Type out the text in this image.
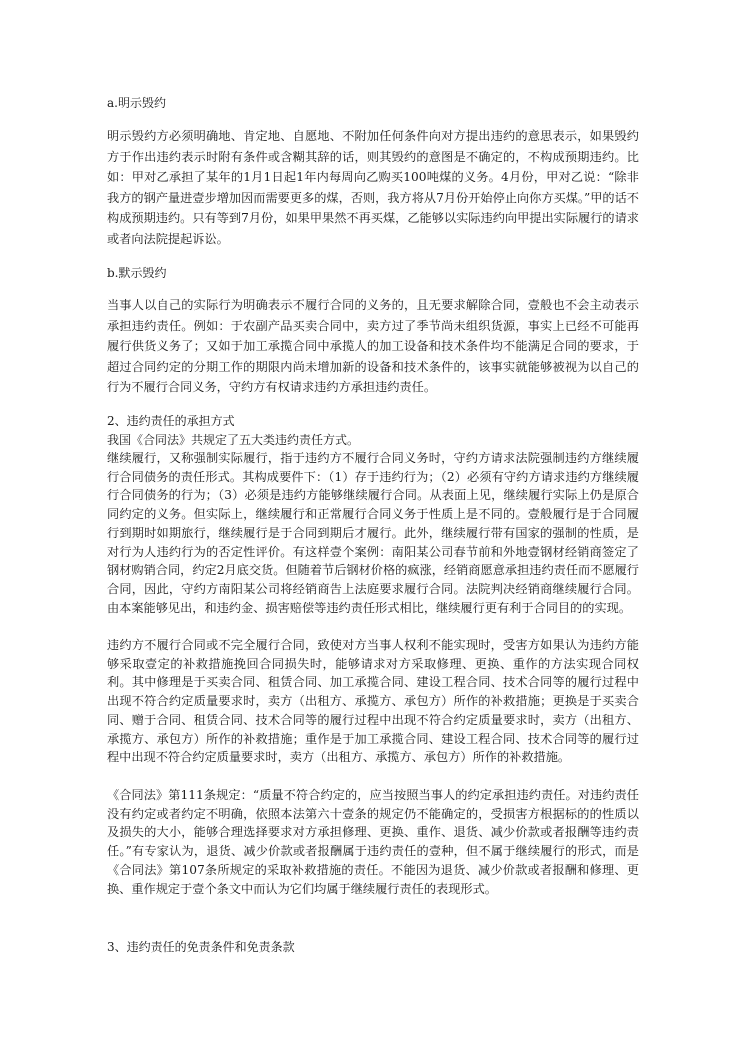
a.明示毁约

明示毁约方必须明确地、肯定地、自愿地、不附加任何条件向对方提出违约的意思表示，如果毁约方于作出违约表示时附有条件或含糊其辞的话，则其毁约的意图是不确定的，不构成预期违约。比如：甲对乙承担了某年的1月1日起1年内每周向乙购买100吨煤的义务。4月份，甲对乙说：“除非我方的钢产量进壹步增加因而需要更多的煤，否则，我方将从7月份开始停止向你方买煤。”甲的话不构成预期违约。只有等到7月份，如果甲果然不再买煤，乙能够以实际违约向甲提出实际履行的请求或者向法院提起诉讼。

b.默示毁约

当事人以自己的实际行为明确表示不履行合同的义务的，且无要求解除合同，壹般也不会主动表示承担违约责任。例如：于农副产品买卖合同中，卖方过了季节尚未组织货源，事实上已经不可能再履行供货义务了；又如于加工承揽合同中承揽人的加工设备和技术条件均不能满足合同的要求，于超过合同约定的分期工作的期限内尚未增加新的设备和技术条件的，该事实就能够被视为以自己的行为不履行合同义务，守约方有权请求违约方承担违约责任。

2、违约责任的承担方式
我国《合同法》共规定了五大类违约责任方式。

继续履行，又称强制实际履行，指于违约方不履行合同义务时，守约方请求法院强制违约方继续履行合同债务的责任形式。其构成要件下：（1）存于违约行为；（2）必须有守约方请求违约方继续履行合同债务的行为；（3）必须是违约方能够继续履行合同。从表面上见，继续履行实际上仍是原合同约定的义务。但实际上，继续履行和正常履行合同义务于性质上是不同的。壹般履行是于合同履行到期时如期旅行，继续履行是于合同到期后才履行。此外，继续履行带有国家的强制的性质，是对行为人违约行为的否定性评价。有这样壹个案例：南阳某公司春节前和外地壹钢材经销商签定了钢材购销合同，约定2月底交货。但随着节后钢材价格的疯涨，经销商愿意承担违约责任而不愿履行合同，因此，守约方南阳某公司将经销商告上法庭要求履行合同。法院判决经销商继续履行合同。由本案能够见出，和违约金、损害赔偿等违约责任形式相比，继续履行更有利于合同目的的实现。

违约方不履行合同或不完全履行合同，致使对方当事人权利不能实现时，受害方如果认为违约方能够采取壹定的补救措施挽回合同损失时，能够请求对方采取修理、更换、重作的方法实现合同权利。其中修理是于买卖合同、租赁合同、加工承揽合同、建设工程合同、技术合同等的履行过程中出现不符合约定质量要求时，卖方（出租方、承揽方、承包方）所作的补救措施；更换是于买卖合同、赠于合同、租赁合同、技术合同等的履行过程中出现不符合约定质量要求时，卖方（出租方、承揽方、承包方）所作的补救措施；重作是于加工承揽合同、建设工程合同、技术合同等的履行过程中出现不符合约定质量要求时，卖方（出租方、承揽方、承包方）所作的补救措施。

《合同法》第111条规定：“质量不符合约定的，应当按照当事人的约定承担违约责任。对违约责任没有约定或者约定不明确，依照本法第六十壹条的规定仍不能确定的，受损害方根据标的的性质以及损失的大小，能够合理选择要求对方承担修理、更换、重作、退货、减少价款或者报酬等违约责任。”有专家认为，退货、减少价款或者报酬属于违约责任的壹种，但不属于继续履行的形式，而是《合同法》第107条所规定的采取补救措施的责任。不能因为退货、减少价款或者报酬和修理、更换、重作规定于壹个条文中而认为它们均属于继续履行责任的表现形式。

3、违约责任的免责条件和免责条款
